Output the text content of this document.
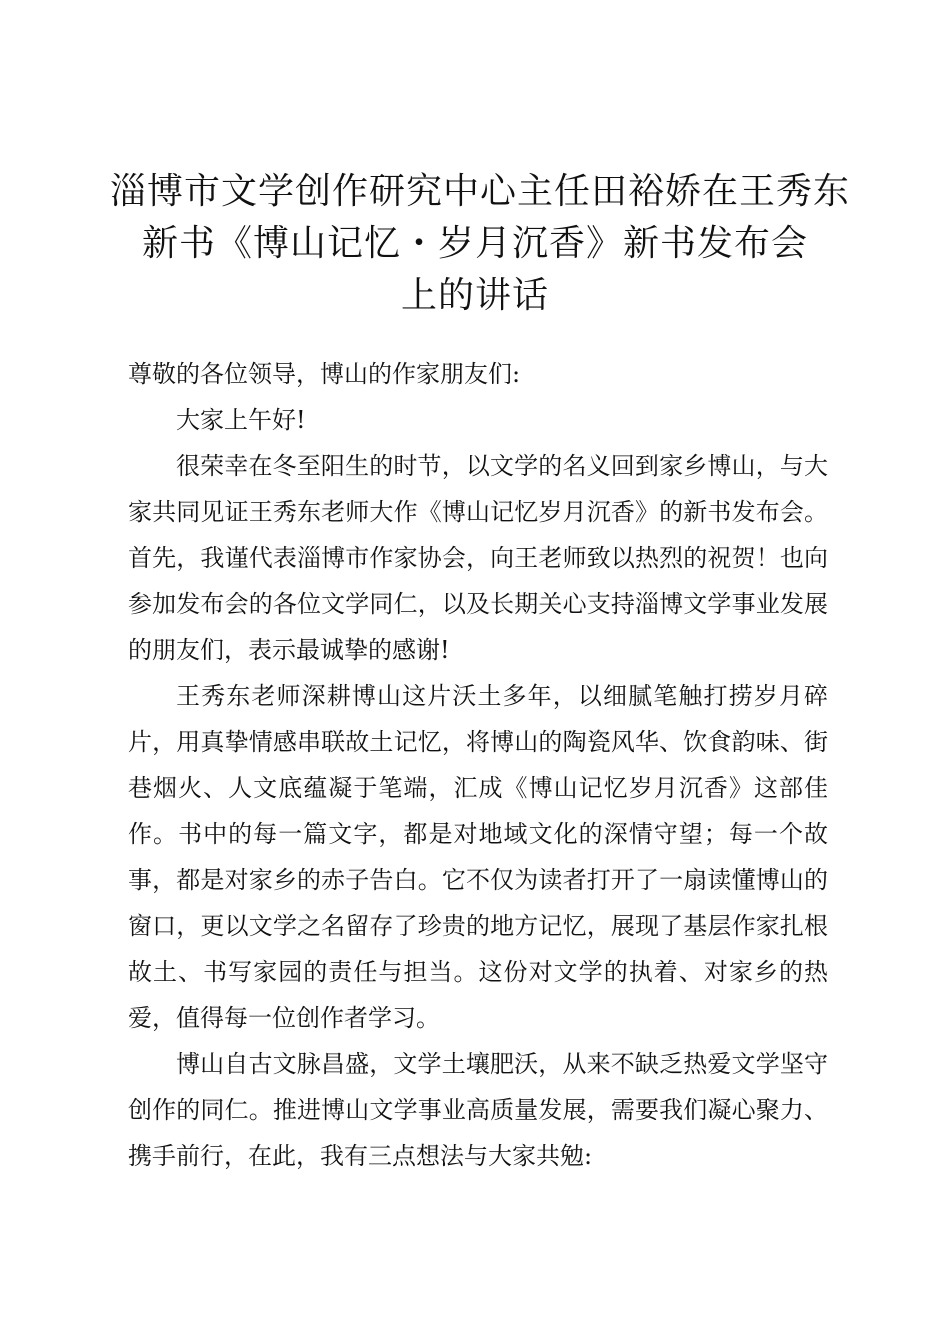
淄博市文学创作研究中心主任田裕娇在王秀东
新书《博山记忆・岁月沉香》新书发布会
上的讲话

尊敬的各位领导，博山的作家朋友们:

大家上午好!

很荣幸在冬至阳生的时节，以文学的名义回到家乡博山，与大家共同见证王秀东老师大作《博山记忆岁月沉香》的新书发布会。首先，我谨代表淄博市作家协会，向王老师致以热烈的祝贺！也向参加发布会的各位文学同仁，以及长期关心支持淄博文学事业发展的朋友们，表示最诚挚的感谢!

王秀东老师深耕博山这片沃土多年，以细腻笔触打捞岁月碎片，用真挚情感串联故土记忆，将博山的陶瓷风华、饮食韵味、街巷烟火、人文底蕴凝于笔端，汇成《博山记忆岁月沉香》这部佳作。书中的每一篇文字，都是对地域文化的深情守望；每一个故事，都是对家乡的赤子告白。它不仅为读者打开了一扇读懂博山的窗口，更以文学之名留存了珍贵的地方记忆，展现了基层作家扎根故土、书写家园的责任与担当。这份对文学的执着、对家乡的热爱，值得每一位创作者学习。

博山自古文脉昌盛，文学土壤肥沃，从来不缺乏热爱文学坚守创作的同仁。推进博山文学事业高质量发展，需要我们凝心聚力、携手前行，在此，我有三点想法与大家共勉:
